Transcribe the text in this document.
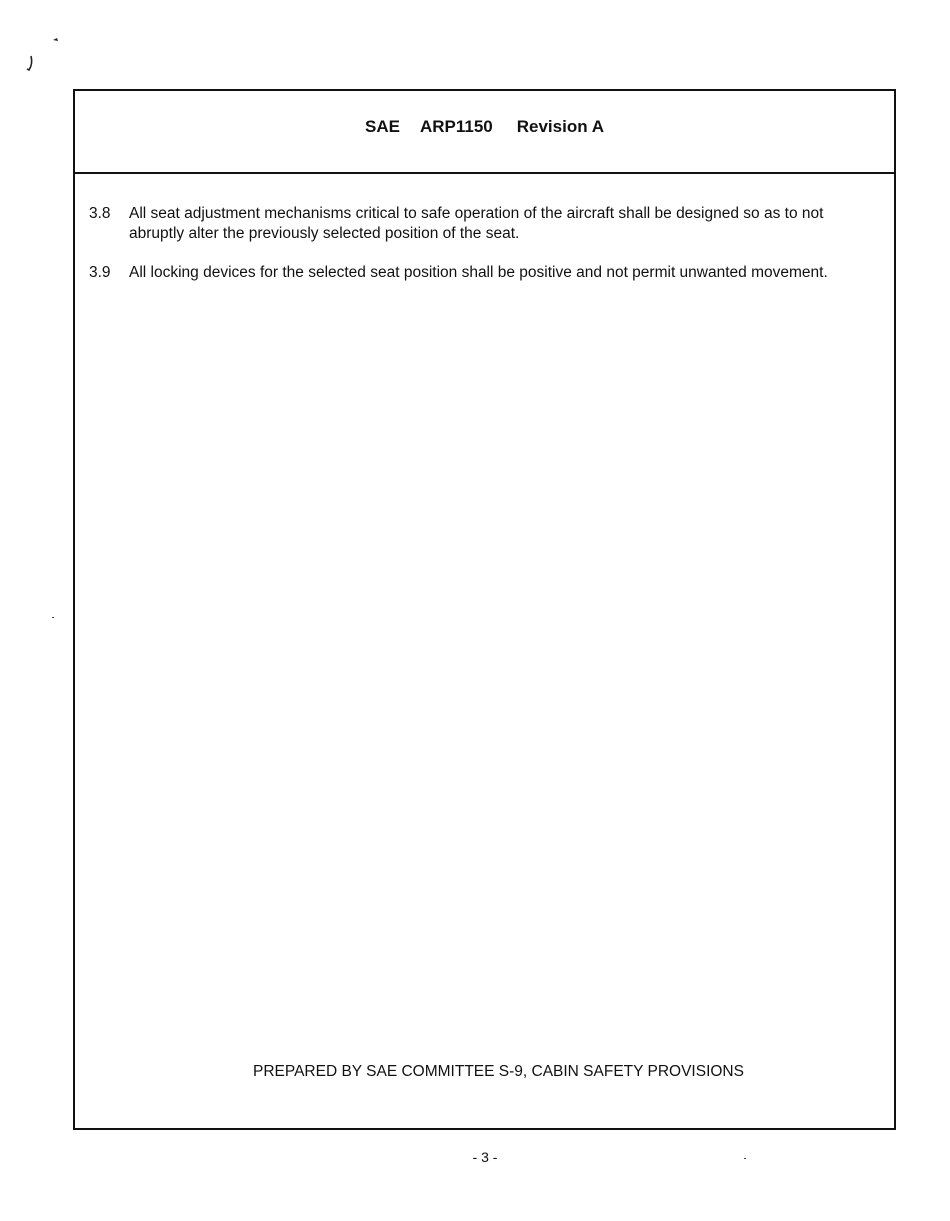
SAE ARP1150 Revision A
3.8	All seat adjustment mechanisms critical to safe operation of the aircraft shall be designed so as to not abruptly alter the previously selected position of the seat.
3.9	All locking devices for the selected seat position shall be positive and not permit unwanted movement.
PREPARED BY SAE COMMITTEE S-9, CABIN SAFETY PROVISIONS
- 3 -
